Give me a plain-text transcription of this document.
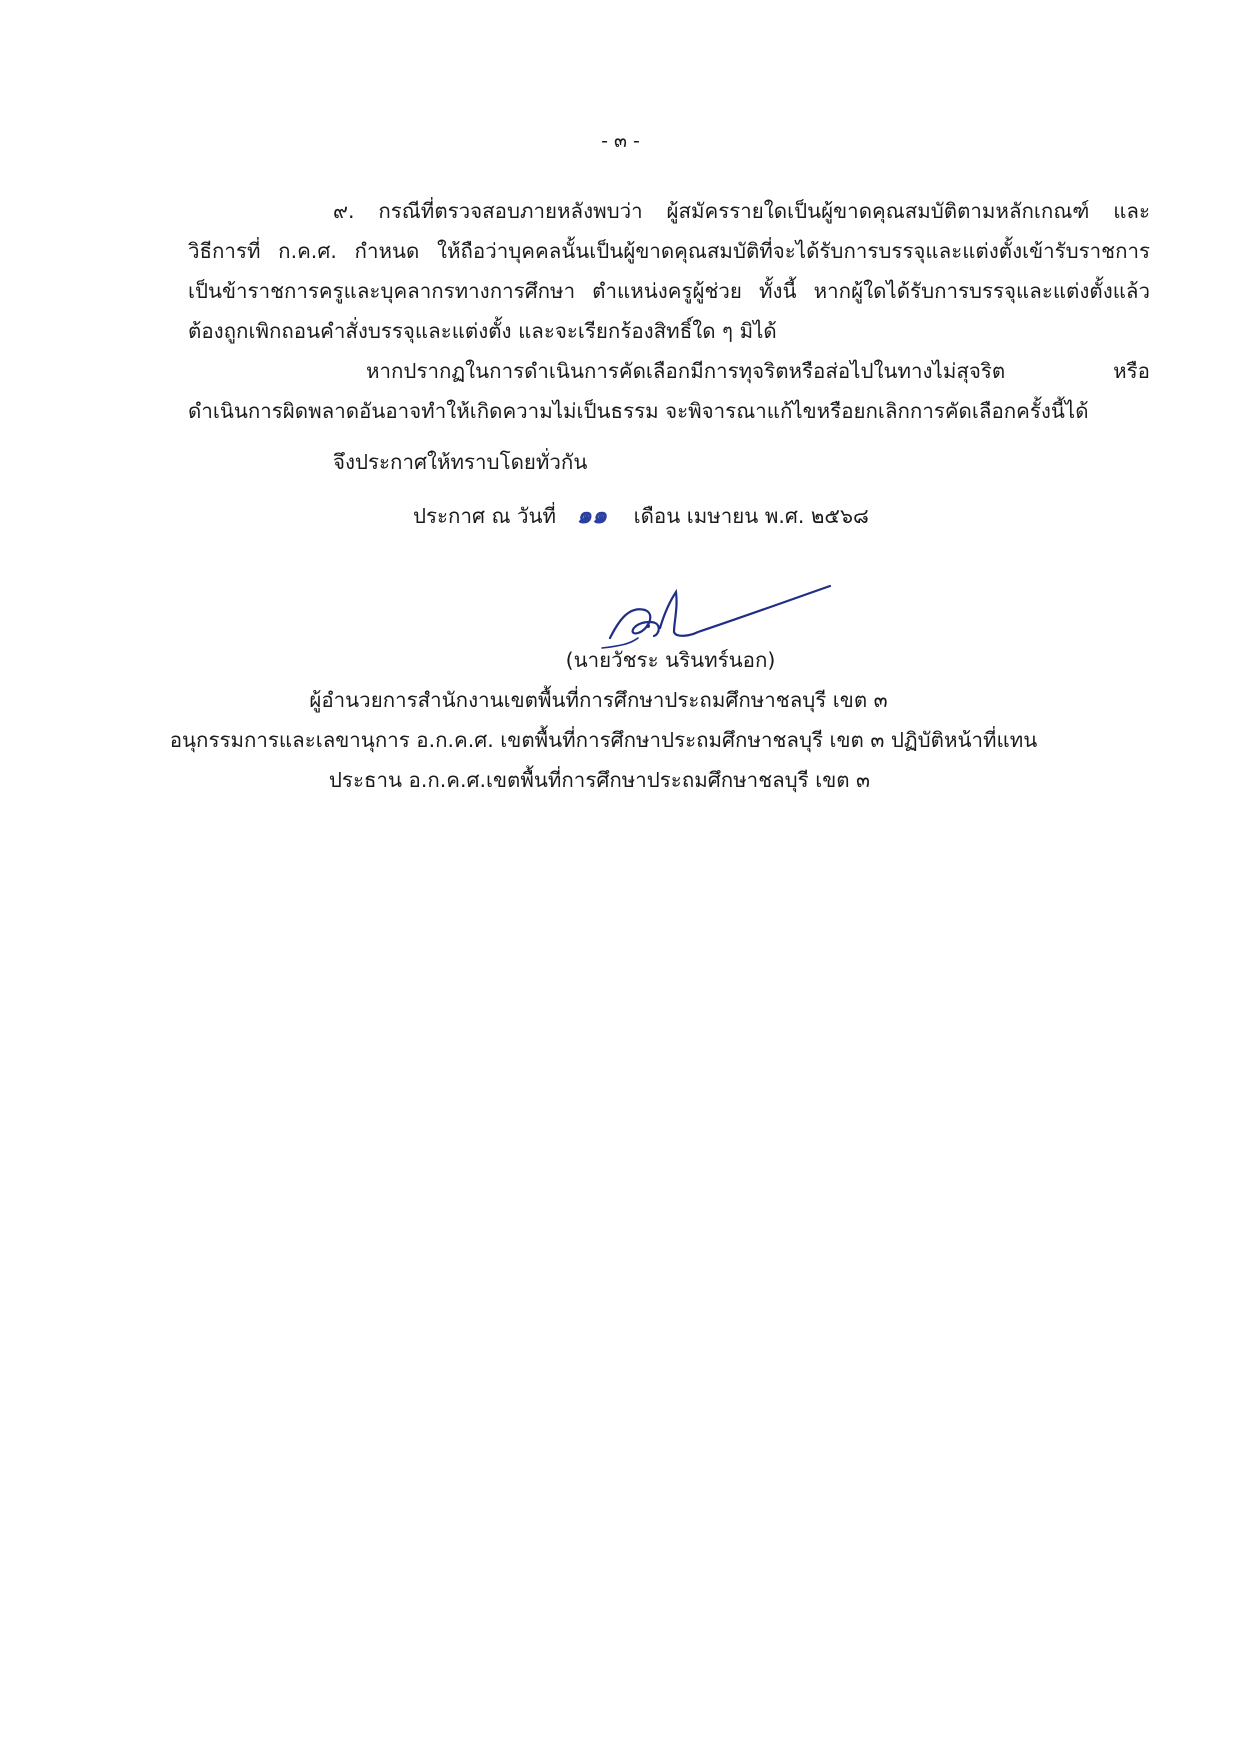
- ๓ -
๙. กรณีที่ตรวจสอบภายหลังพบว่า ผู้สมัครรายใดเป็นผู้ขาดคุณสมบัติตามหลักเกณฑ์ และ
วิธีการที่ ก.ค.ศ. กำหนด ให้ถือว่าบุคคลนั้นเป็นผู้ขาดคุณสมบัติที่จะได้รับการบรรจุและแต่งตั้งเข้ารับราชการ
เป็นข้าราชการครูและบุคลากรทางการศึกษา ตำแหน่งครูผู้ช่วย ทั้งนี้ หากผู้ใดได้รับการบรรจุและแต่งตั้งแล้ว
ต้องถูกเพิกถอนคำสั่งบรรจุและแต่งตั้ง และจะเรียกร้องสิทธิ์ใด ๆ มิได้
หากปรากฏในการดำเนินการคัดเลือกมีการทุจริตหรือส่อไปในทางไม่สุจริต หรือ
ดำเนินการผิดพลาดอันอาจทำให้เกิดความไม่เป็นธรรม จะพิจารณาแก้ไขหรือยกเลิกการคัดเลือกครั้งนี้ได้
จึงประกาศให้ทราบโดยทั่วกัน
ประกาศ ณ วันที่ ๑๑ เดือน เมษายน พ.ศ. ๒๕๖๘
(นายวัชระ นรินทร์นอก)
ผู้อำนวยการสำนักงานเขตพื้นที่การศึกษาประถมศึกษาชลบุรี เขต ๓
อนุกรรมการและเลขานุการ อ.ก.ค.ศ. เขตพื้นที่การศึกษาประถมศึกษาชลบุรี เขต ๓ ปฏิบัติหน้าที่แทน
ประธาน อ.ก.ค.ศ.เขตพื้นที่การศึกษาประถมศึกษาชลบุรี เขต ๓
